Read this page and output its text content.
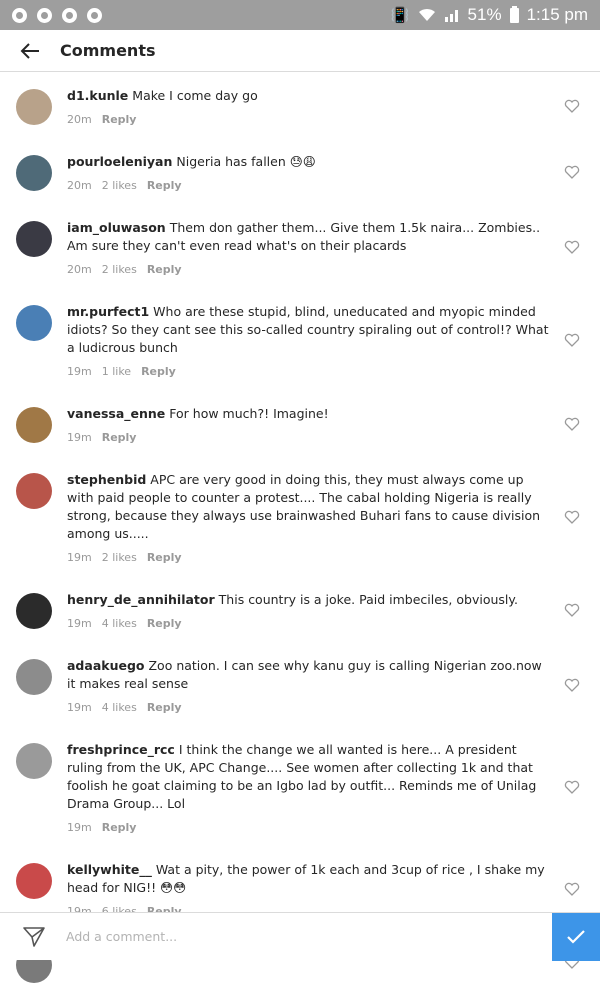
📳	51% 1:15 pm
Comments
d1.kunle Make I come day go
20m Reply
pourloeleniyan Nigeria has fallen 😓😩
20m 2 likes Reply
iam_oluwason Them don gather them... Give them 1.5k naira... Zombies.. Am sure they can't even read what's on their placards
20m 2 likes Reply
mr.purfect1 Who are these stupid, blind, uneducated and myopic minded idiots? So they cant see this so-called country spiraling out of control!? What a ludicrous bunch
19m 1 like Reply
vanessa_enne For how much?! Imagine!
19m Reply
stephenbid APC are very good in doing this, they must always come up with paid people to counter a protest.... The cabal holding Nigeria is really strong, because they always use brainwashed Buhari fans to cause division among us.....
19m 2 likes Reply
henry_de_annihilator This country is a joke. Paid imbeciles, obviously.
19m 4 likes Reply
adaakuego Zoo nation. I can see why kanu guy is calling Nigerian zoo.now it makes real sense
19m 4 likes Reply
freshprince_rcc I think the change we all wanted is here... A president ruling from the UK, APC Change.... See women after collecting 1k and that foolish he goat claiming to be an Igbo lad by outfit... Reminds me of Unilag Drama Group... Lol
19m Reply
kellywhite__ Wat a pity, the power of 1k each and 3cup of rice , I shake my head for NIG!! 😳😳
Add a comment...
